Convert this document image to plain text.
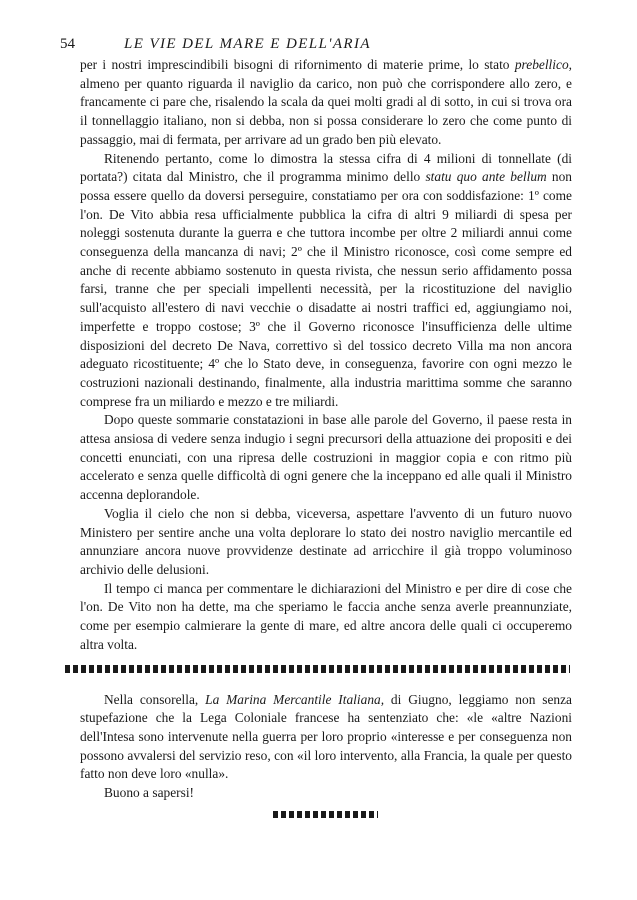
54	LE VIE DEL MARE E DELL'ARIA

per i nostri imprescindibili bisogni di rifornimento di materie prime, lo stato prebellico, almeno per quanto riguarda il naviglio da carico, non può che corrispondere allo zero, e francamente ci pare che, risalendo la scala da quei molti gradi al di sotto, in cui si trova ora il tonnellaggio italiano, non si debba, non si possa considerare lo zero che come punto di passaggio, mai di fermata, per arrivare ad un grado ben più elevato.

Ritenendo pertanto, come lo dimostra la stessa cifra di 4 milioni di tonnellate (di portata?) citata dal Ministro, che il programma minimo dello statu quo ante bellum non possa essere quello da doversi perseguire, constatiamo per ora con soddisfazione: 1º come l'on. De Vito abbia resa ufficialmente pubblica la cifra di altri 9 miliardi di spesa per noleggi sostenuta durante la guerra e che tuttora incombe per oltre 2 miliardi annui come conseguenza della mancanza di navi; 2º che il Ministro riconosce, così come sempre ed anche di recente abbiamo sostenuto in questa rivista, che nessun serio affidamento possa farsi, tranne che per speciali impellenti necessità, per la ricostituzione del naviglio sull'acquisto all'estero di navi vecchie o disadatte ai nostri traffici ed, aggiungiamo noi, imperfette e troppo costose; 3º che il Governo riconosce l'insufficienza delle ultime disposizioni del decreto De Nava, correttivo sì del tossico decreto Villa ma non ancora adeguato ricostituente; 4º che lo Stato deve, in conseguenza, favorire con ogni mezzo le costruzioni nazionali destinando, finalmente, alla industria marittima somme che saranno comprese fra un miliardo e mezzo e tre miliardi.

Dopo queste sommarie constatazioni in base alle parole del Governo, il paese resta in attesa ansiosa di vedere senza indugio i segni precursori della attuazione dei propositi e dei concetti enunciati, con una ripresa delle costruzioni in maggior copia e con ritmo più accelerato e senza quelle difficoltà di ogni genere che la inceppano ed alle quali il Ministro accenna deplorandole.

Voglia il cielo che non si debba, viceversa, aspettare l'avvento di un futuro nuovo Ministero per sentire anche una volta deplorare lo stato dei nostro naviglio mercantile ed annunziare ancora nuove provvidenze destinate ad arricchire il già troppo voluminoso archivio delle delusioni.

Il tempo ci manca per commentare le dichiarazioni del Ministro e per dire di cose che l'on. De Vito non ha dette, ma che speriamo le faccia anche senza averle preannunziate, come per esempio calmierare la gente di mare, ed altre ancora delle quali ci occuperemo altra volta.

Nella consorella, La Marina Mercantile Italiana, di Giugno, leggiamo non senza stupefazione che la Lega Coloniale francese ha sentenziato che: «le «altre Nazioni dell'Intesa sono intervenute nella guerra per loro proprio «interesse e per conseguenza non possono avvalersi del servizio reso, con «il loro intervento, alla Francia, la quale per questo fatto non deve loro «nulla».

Buono a sapersi!
